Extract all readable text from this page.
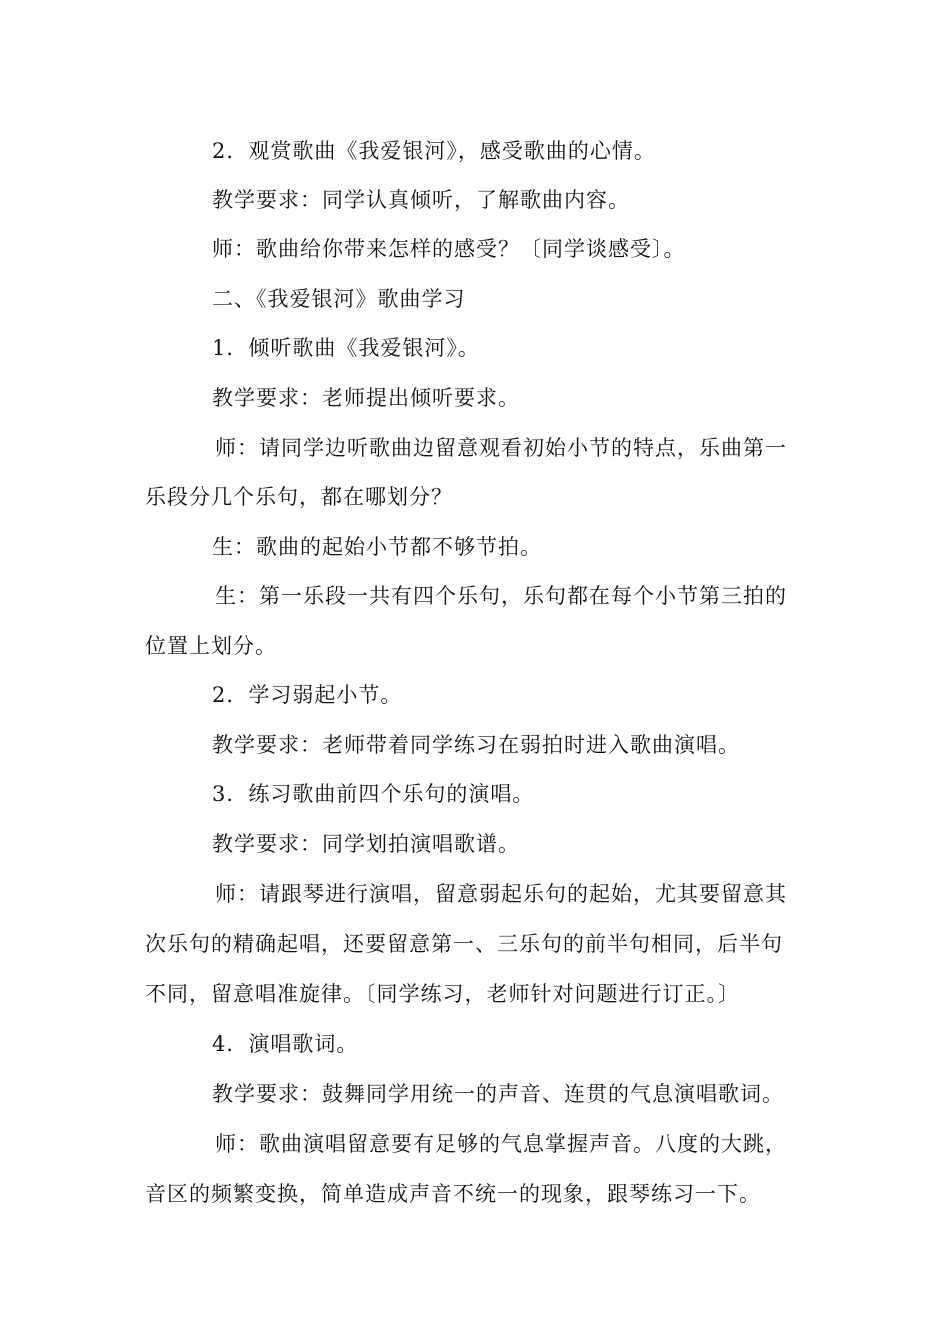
2．观赏歌曲《我爱银河》，感受歌曲的心情。
教学要求：同学认真倾听，了解歌曲内容。
师：歌曲给你带来怎样的感受？〔同学谈感受〕。
二、《我爱银河》歌曲学习
1．倾听歌曲《我爱银河》。
教学要求：老师提出倾听要求。
师：请同学边听歌曲边留意观看初始小节的特点，乐曲第一
乐段分几个乐句，都在哪划分？
生：歌曲的起始小节都不够节拍。
生：第一乐段一共有四个乐句，乐句都在每个小节第三拍的
位置上划分。
2．学习弱起小节。
教学要求：老师带着同学练习在弱拍时进入歌曲演唱。
3．练习歌曲前四个乐句的演唱。
教学要求：同学划拍演唱歌谱。
师：请跟琴进行演唱，留意弱起乐句的起始，尤其要留意其
次乐句的精确起唱，还要留意第一、三乐句的前半句相同，后半句
不同，留意唱准旋律。〔同学练习，老师针对问题进行订正。〕
4．演唱歌词。
教学要求：鼓舞同学用统一的声音、连贯的气息演唱歌词。
师：歌曲演唱留意要有足够的气息掌握声音。八度的大跳，
音区的频繁变换，简单造成声音不统一的现象，跟琴练习一下。
